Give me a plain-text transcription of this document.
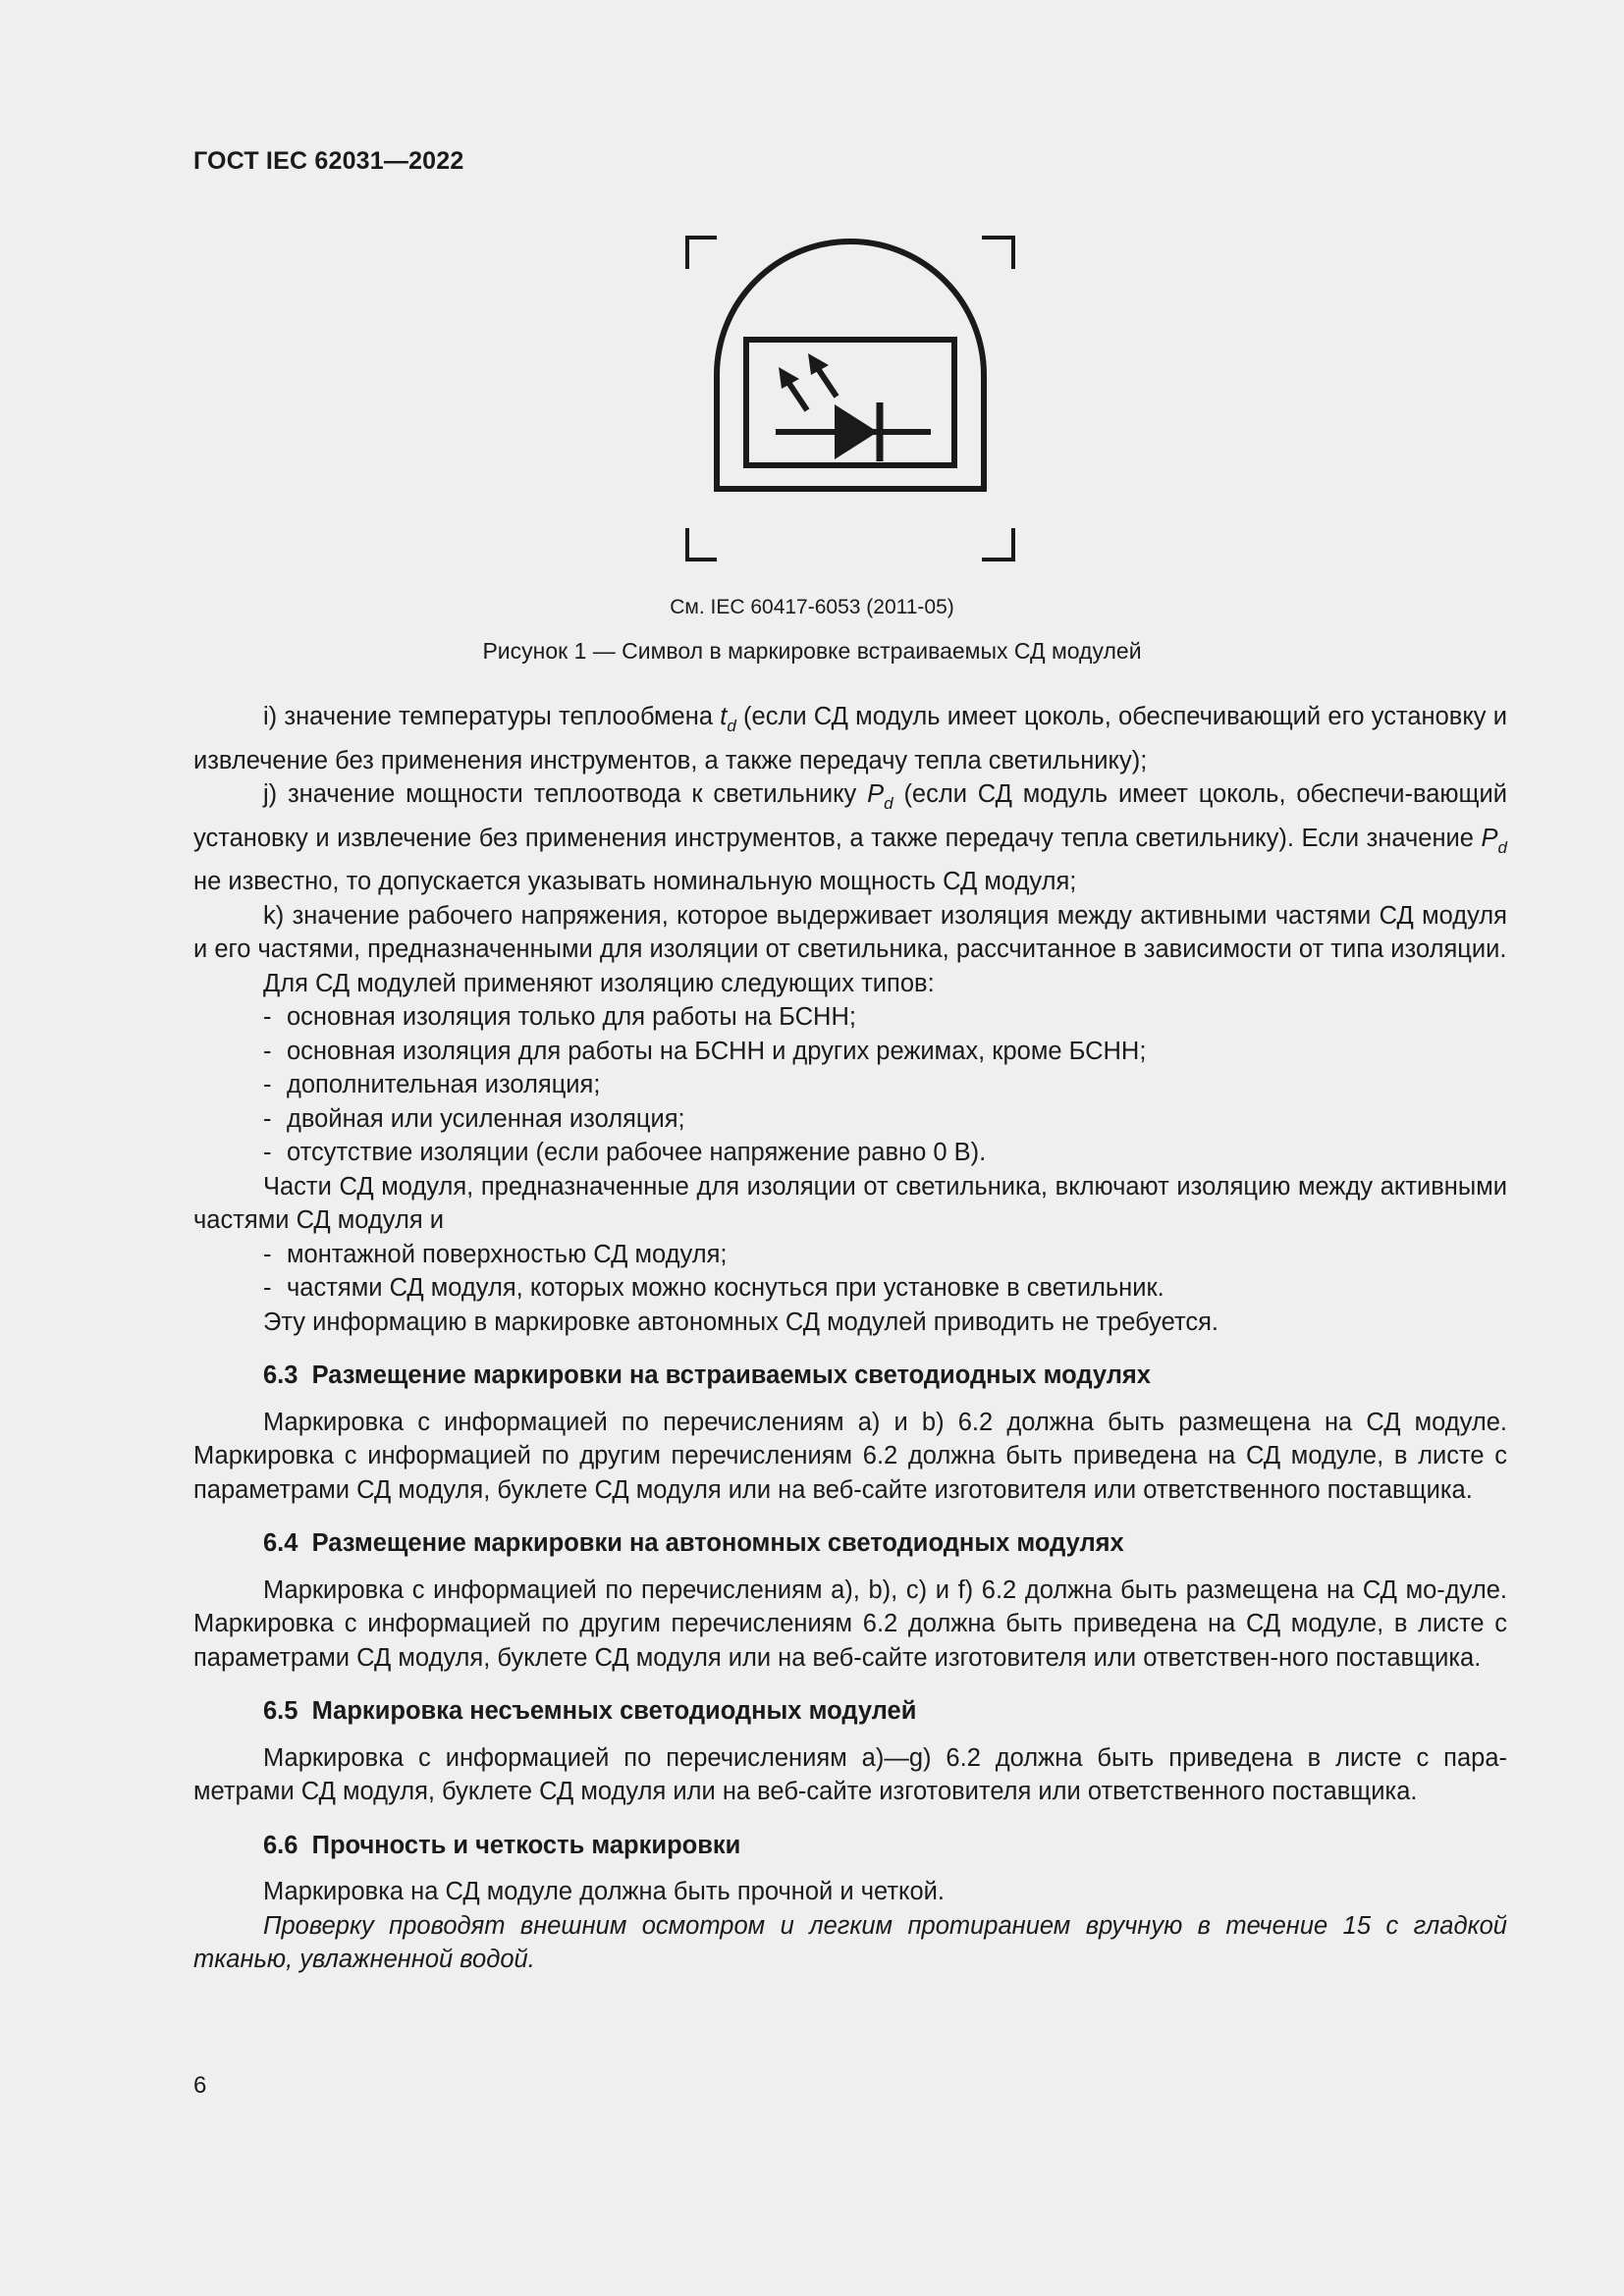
ГОСТ IEC 62031—2022
См. IEC 60417-6053 (2011-05)
Рисунок 1 — Символ в маркировке встраиваемых СД модулей

i) значение температуры теплообмена $t_d$ (если СД модуль имеет цоколь, обеспечивающий его установку и извлечение без применения инструментов, а также передачу тепла светильнику);

j) значение мощности теплоотвода к светильнику $P_d$ (если СД модуль имеет цоколь, обеспечи-вающий установку и извлечение без применения инструментов, а также передачу тепла светильнику). Если значение $P_d$ не известно, то допускается указывать номинальную мощность СД модуля;

k) значение рабочего напряжения, которое выдерживает изоляция между активными частями СД модуля и его частями, предназначенными для изоляции от светильника, рассчитанное в зависимости от типа изоляции.

Для СД модулей применяют изоляцию следующих типов:

- основная изоляция только для работы на БСНН;

- основная изоляция для работы на БСНН и других режимах, кроме БСНН;

- дополнительная изоляция;

- двойная или усиленная изоляция;

- отсутствие изоляции (если рабочее напряжение равно 0 В).

Части СД модуля, предназначенные для изоляции от светильника, включают изоляцию между активными частями СД модуля и

- монтажной поверхностью СД модуля;

- частями СД модуля, которых можно коснуться при установке в светильник.

Эту информацию в маркировке автономных СД модулей приводить не требуется.

6.3 Размещение маркировки на встраиваемых светодиодных модулях

Маркировка с информацией по перечислениям а) и b) 6.2 должна быть размещена на СД модуле. Маркировка с информацией по другим перечислениям 6.2 должна быть приведена на СД модуле, в листе с параметрами СД модуля, буклете СД модуля или на веб-сайте изготовителя или ответственного поставщика.

6.4 Размещение маркировки на автономных светодиодных модулях

Маркировка с информацией по перечислениям a), b), c) и f) 6.2 должна быть размещена на СД мо-дуле. Маркировка с информацией по другим перечислениям 6.2 должна быть приведена на СД модуле, в листе с параметрами СД модуля, буклете СД модуля или на веб-сайте изготовителя или ответствен-ного поставщика.

6.5 Маркировка несъемных светодиодных модулей

Маркировка с информацией по перечислениям a)—g) 6.2 должна быть приведена в листе с пара-метрами СД модуля, буклете СД модуля или на веб-сайте изготовителя или ответственного поставщика.

6.6 Прочность и четкость маркировки

Маркировка на СД модуле должна быть прочной и четкой.

Проверку проводят внешним осмотром и легким протиранием вручную в течение 15 с гладкой тканью, увлажненной водой.

6
